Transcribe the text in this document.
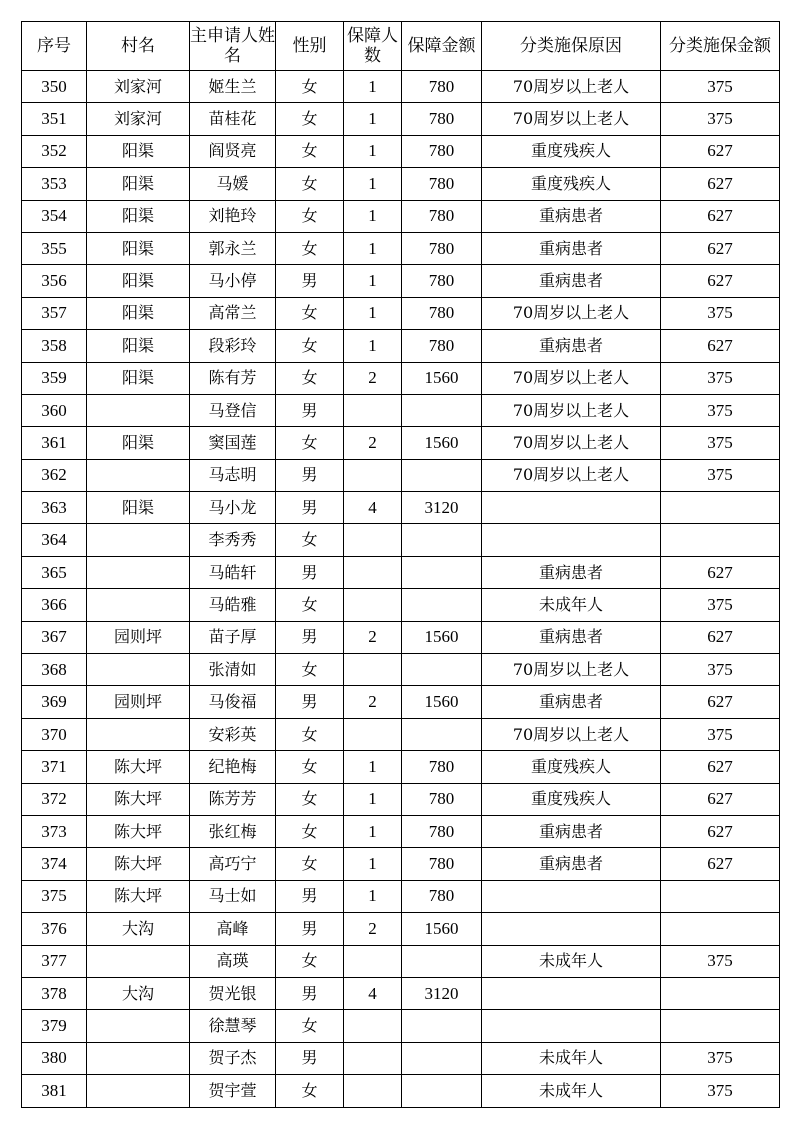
序号	村名	主申请人姓名	性别	保障人数	保障金额	分类施保原因	分类施保金额
350	刘家河	姬生兰	女	1	780	70周岁以上老人	375
351	刘家河	苗桂花	女	1	780	70周岁以上老人	375
352	阳渠	阎贤亮	女	1	780	重度残疾人	627
353	阳渠	马媛	女	1	780	重度残疾人	627
354	阳渠	刘艳玲	女	1	780	重病患者	627
355	阳渠	郭永兰	女	1	780	重病患者	627
356	阳渠	马小停	男	1	780	重病患者	627
357	阳渠	高常兰	女	1	780	70周岁以上老人	375
358	阳渠	段彩玲	女	1	780	重病患者	627
359	阳渠	陈有芳	女	2	1560	70周岁以上老人	375
360		马登信	男			70周岁以上老人	375
361	阳渠	窦国莲	女	2	1560	70周岁以上老人	375
362		马志明	男			70周岁以上老人	375
363	阳渠	马小龙	男	4	3120		
364		李秀秀	女				
365		马皓轩	男			重病患者	627
366		马皓雅	女			未成年人	375
367	园则坪	苗子厚	男	2	1560	重病患者	627
368		张清如	女			70周岁以上老人	375
369	园则坪	马俊福	男	2	1560	重病患者	627
370		安彩英	女			70周岁以上老人	375
371	陈大坪	纪艳梅	女	1	780	重度残疾人	627
372	陈大坪	陈芳芳	女	1	780	重度残疾人	627
373	陈大坪	张红梅	女	1	780	重病患者	627
374	陈大坪	高巧宁	女	1	780	重病患者	627
375	陈大坪	马士如	男	1	780		
376	大沟	高峰	男	2	1560		
377		高瑛	女			未成年人	375
378	大沟	贺光银	男	4	3120		
379		徐慧琴	女				
380		贺子杰	男			未成年人	375
381		贺宇萱	女			未成年人	375
